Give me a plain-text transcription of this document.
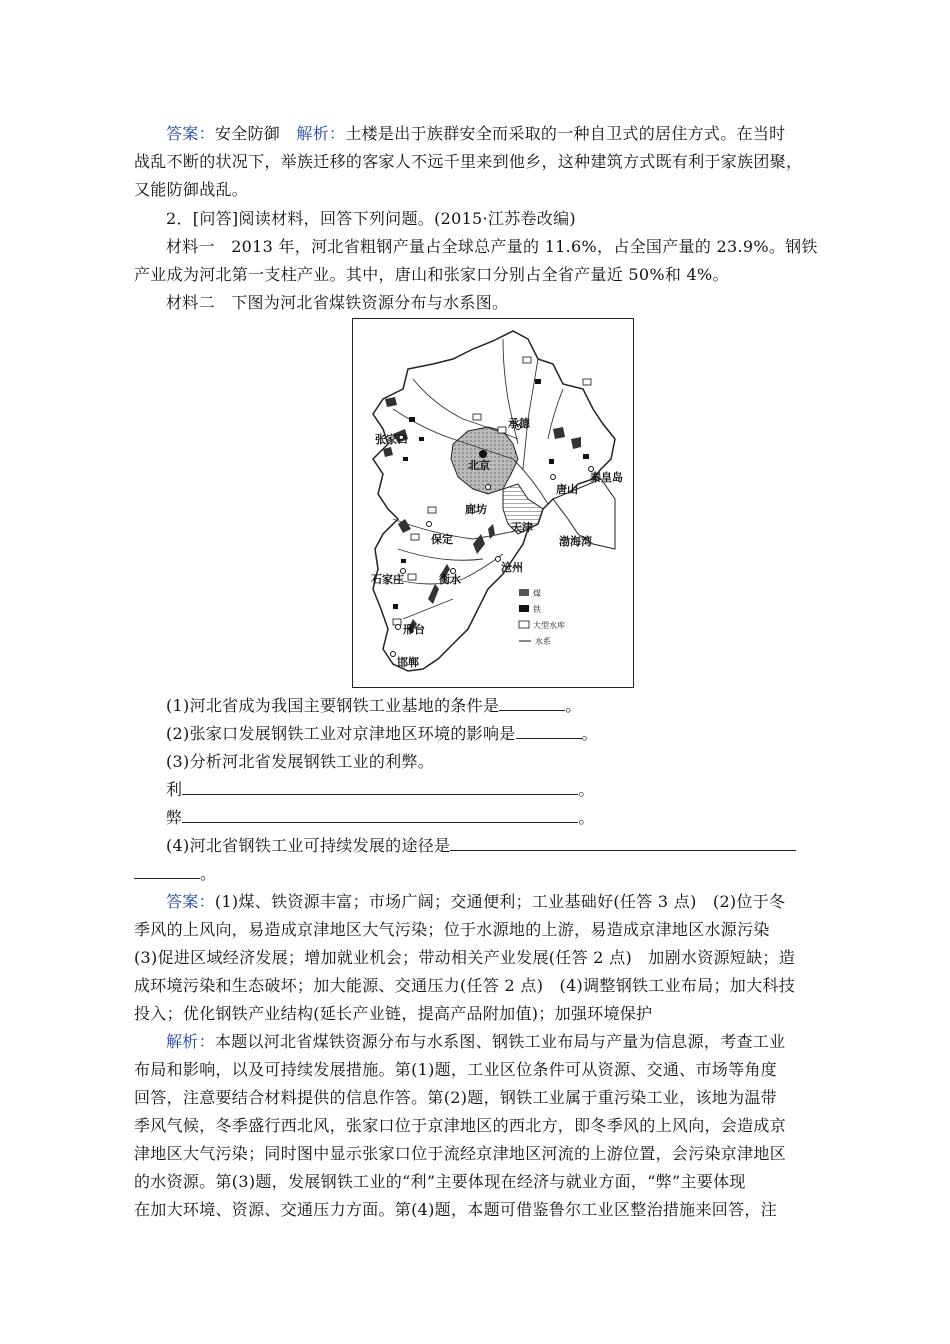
答案：安全防御　 解析：土楼是出于族群安全而采取的一种自卫式的居住方式。在当时
战乱不断的状况下，举族迁移的客家人不远千里来到他乡，这种建筑方式既有利于家族团聚，
又能防御战乱。
2．[问答]阅读材料，回答下列问题。(2015·江苏卷改编)
材料一　2013 年，河北省粗钢产量占全球总产量的 11.6%，占全国产量的 23.9%。钢铁
产业成为河北第一支柱产业。其中，唐山和张家口分别占全省产量近 50%和 4%。
材料二　下图为河北省煤铁资源分布与水系图。
承德
张家口
北京
唐山
秦皇岛
廊坊
天津
渤海湾
保定
沧州
石家庄	衡水
邢台
邯郸
煤
铁
大型水库
水系
(1)河北省成为我国主要钢铁工业基地的条件是	。
(2)张家口发展钢铁工业对京津地区环境的影响是	。
(3)分析河北省发展钢铁工业的利弊。
利	。
弊	。
(4)河北省钢铁工业可持续发展的途径是
。
答案：(1)煤、铁资源丰富；市场广阔；交通便利；工业基础好(任答 3 点)　(2)位于冬
季风的上风向，易造成京津地区大气污染；位于水源地的上游，易造成京津地区水源污染
(3)促进区域经济发展；增加就业机会；带动相关产业发展(任答 2 点)　加剧水资源短缺；造
成环境污染和生态破坏；加大能源、交通压力(任答 2 点)　(4)调整钢铁工业布局；加大科技
投入；优化钢铁产业结构(延长产业链，提高产品附加值)；加强环境保护
解析：本题以河北省煤铁资源分布与水系图、钢铁工业布局与产量为信息源，考查工业
布局和影响，以及可持续发展措施。第(1)题，工业区位条件可从资源、交通、市场等角度
回答，注意要结合材料提供的信息作答。第(2)题，钢铁工业属于重污染工业，该地为温带
季风气候，冬季盛行西北风，张家口位于京津地区的西北方，即冬季风的上风向，会造成京
津地区大气污染；同时图中显示张家口位于流经京津地区河流的上游位置，会污染京津地区
的水资源。第(3)题，发展钢铁工业的“利”主要体现在经济与就业方面，“弊”主要体现
在加大环境、资源、交通压力方面。第(4)题，本题可借鉴鲁尔工业区整治措施来回答，注
